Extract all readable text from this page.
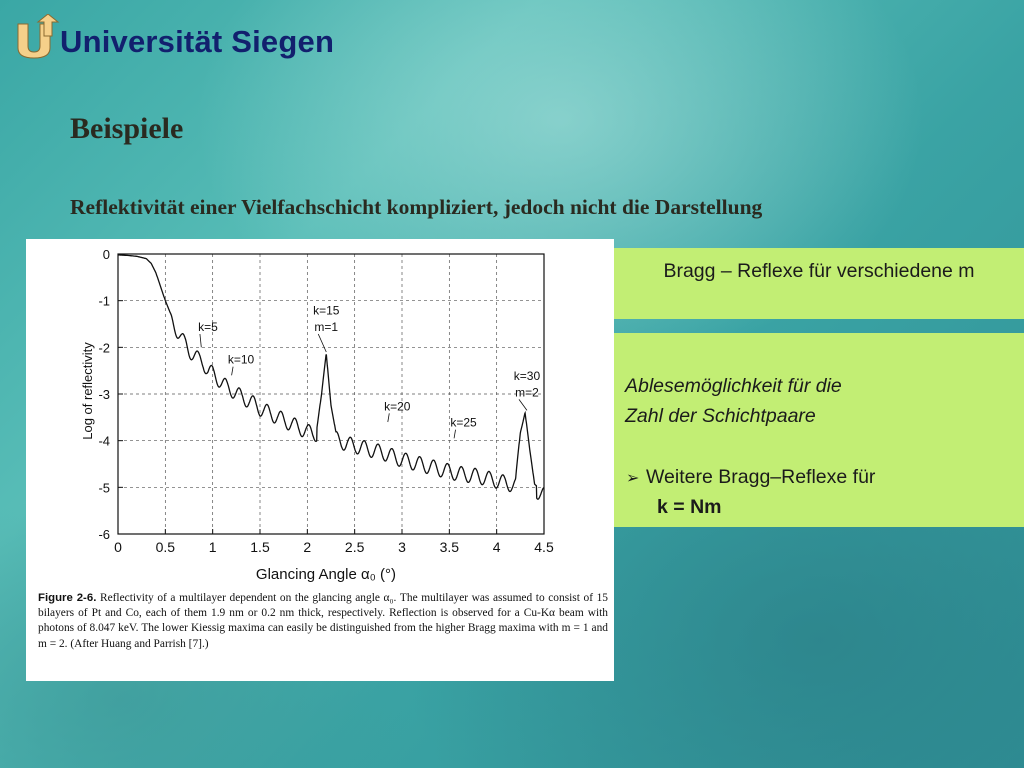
Universität Siegen
Beispiele

Reflektivität einer Vielfachschicht kompliziert, jedoch nicht die Darstellung

0 0.5 1 1.5 2 2.5 3 3.5 4 4.5
0
-1
-2
-3
-4
-5
-6
k=5
k=10
k=15
m=1
k=20
k=25
k=30
m=2
Glancing Angle α₀ (°)
Log of reflectivity
Figure 2-6. Reflectivity of a multilayer dependent on the glancing angle α₀. The multilayer was assumed to consist of 15 bilayers of Pt and Co, each of them 1.9 nm or 0.2 nm thick, respectively. Reflection is observed for a Cu-Kα beam with photons of 8.047 keV. The lower Kiessig maxima can easily be distinguished from the higher Bragg maxima with m = 1 and m = 2. (After Huang and Parrish [7].)
Bragg – Reflexe für verschiedene m
Ablesemöglichkeit für die
Zahl der Schichtpaare
➢ Weitere Bragg–Reflexe für
k = Nm
